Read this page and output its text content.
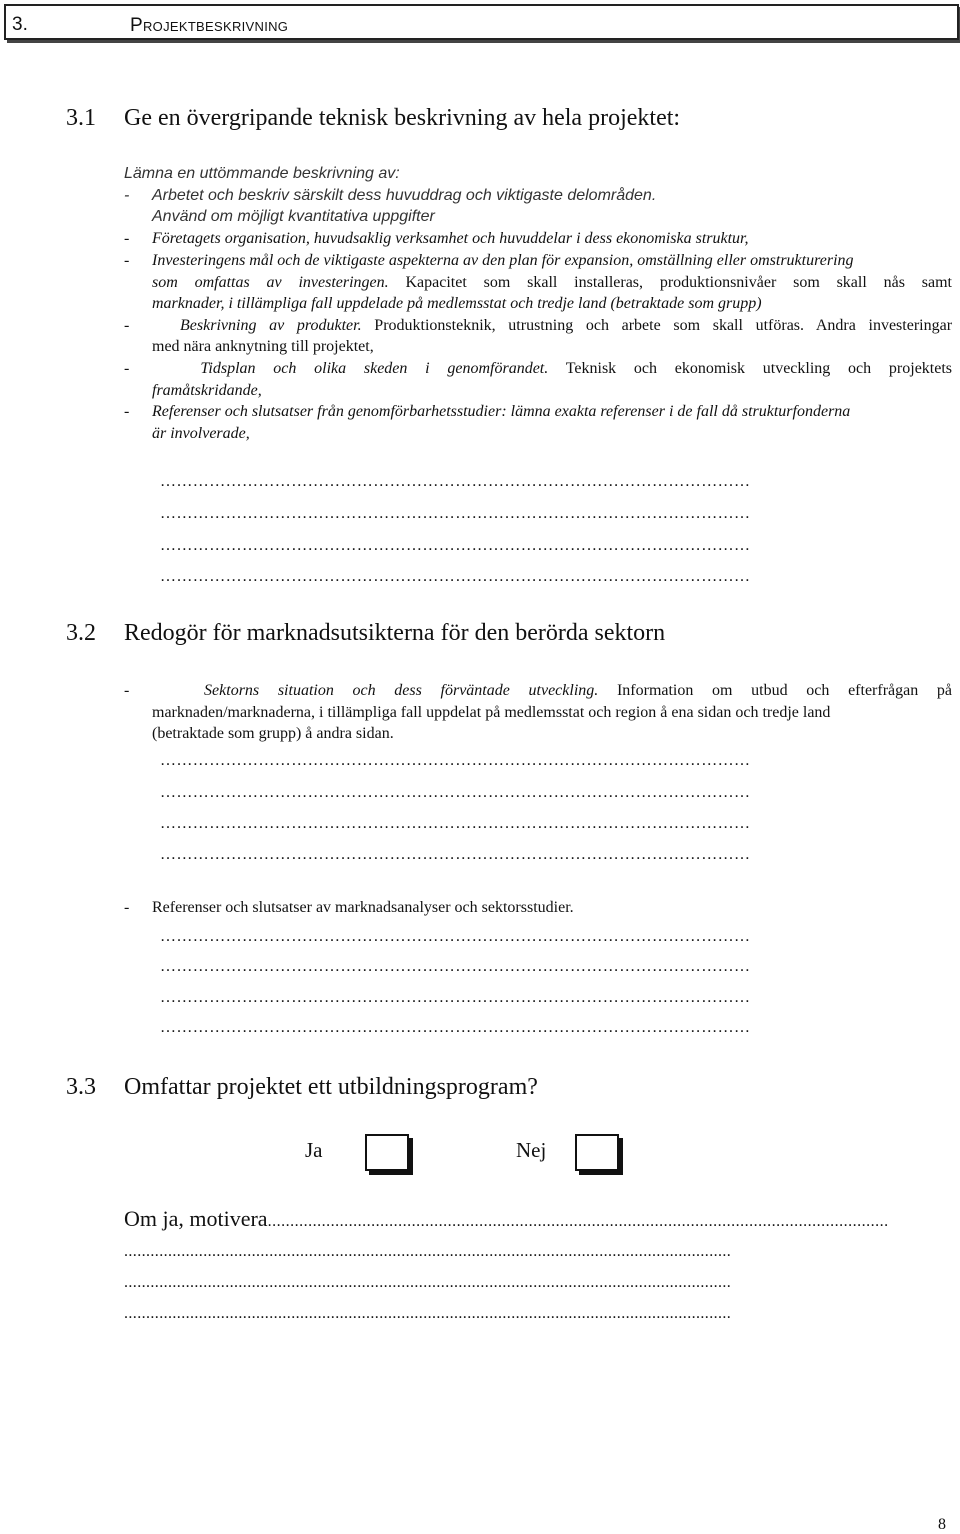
3.	Projektbeskrivning
3.1 Ge en övergripande teknisk beskrivning av hela projektet:
Lämna en uttömmande beskrivning av:
- Arbetet och beskriv särskilt dess huvuddrag och viktigaste delområden.
Använd om möjligt kvantitativa uppgifter
- Företagets organisation, huvudsaklig verksamhet och huvuddelar i dess ekonomiska struktur,
- Investeringens mål och de viktigaste aspekterna av den plan för expansion, omställning eller omstrukturering
som omfattas av investeringen. Kapacitet som skall installeras, produktionsnivåer som skall nås samt
marknader, i tillämpliga fall uppdelade på medlemsstat och tredje land (betraktade som grupp)
-	Beskrivning av produkter. Produktionsteknik, utrustning och arbete som skall utföras. Andra investeringar
med nära anknytning till projektet,
-	Tidsplan och olika skeden i genomförandet. Teknisk och ekonomisk utveckling och projektets
framåtskridande,
- Referenser och slutsatser från genomförbarhetsstudier: lämna exakta referenser i de fall då strukturfonderna
är involverade,
………………………………………………………………………………………………
………………………………………………………………………………………………
………………………………………………………………………………………………
………………………………………………………………………………………………
3.2 Redogör för marknadsutsikterna för den berörda sektorn
-	Sektorns situation och dess förväntade utveckling. Information om utbud och efterfrågan på
marknaden/marknaderna, i tillämpliga fall uppdelat på medlemsstat och region å ena sidan och tredje land
(betraktade som grupp) å andra sidan.
………………………………………………………………………………………………
………………………………………………………………………………………………
………………………………………………………………………………………………
………………………………………………………………………………………………
- Referenser och slutsatser av marknadsanalyser och sektorsstudier.
………………………………………………………………………………………………
………………………………………………………………………………………………
………………………………………………………………………………………………
………………………………………………………………………………………………
3.3 Omfattar projektet ett utbildningsprogram?
Ja	Nej
Om ja, motivera..........................................................................................................................................
..........................................................................................................................................
..........................................................................................................................................
..........................................................................................................................................
8
